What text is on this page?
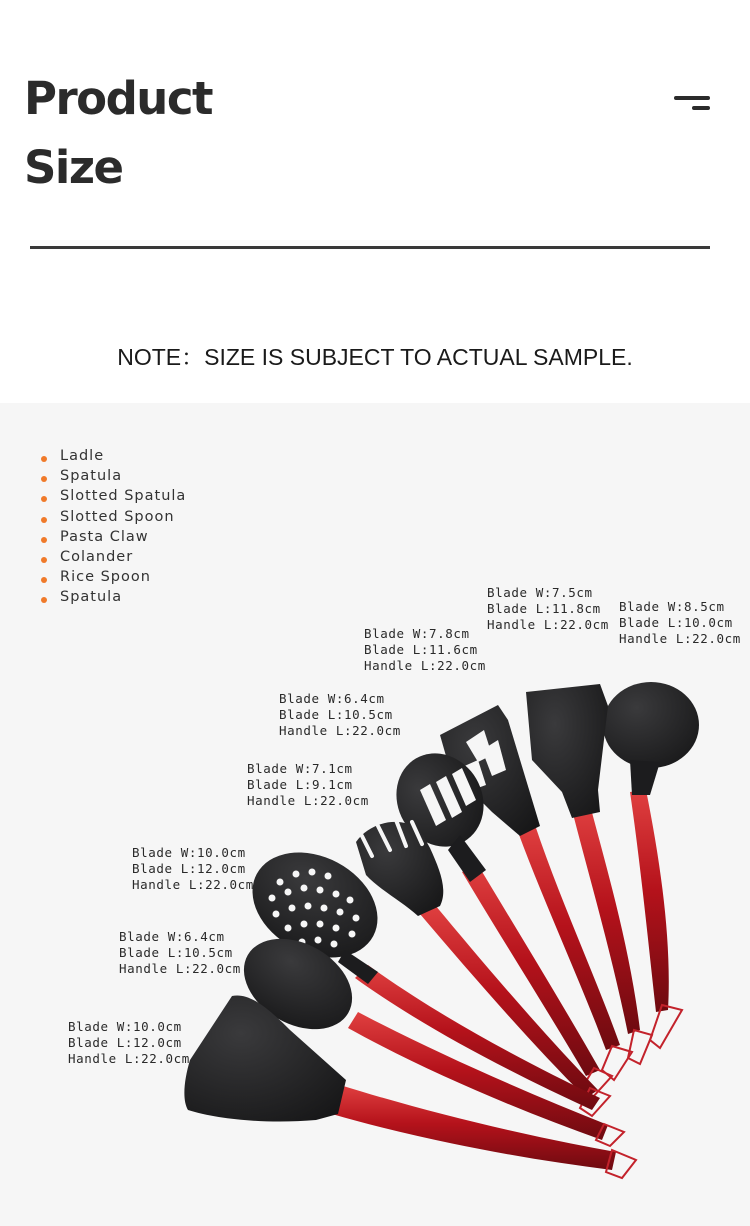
Product
Size
NOTE：SIZE IS SUBJECT TO ACTUAL SAMPLE.
Ladle
Spatula
Slotted Spatula
Slotted Spoon
Pasta Claw
Colander
Rice Spoon
Spatula
Blade W:8.5cm
Blade L:10.0cm
Handle L:22.0cm
Blade W:7.5cm
Blade L:11.8cm
Handle L:22.0cm
Blade W:7.8cm
Blade L:11.6cm
Handle L:22.0cm
Blade W:6.4cm
Blade L:10.5cm
Handle L:22.0cm
Blade W:7.1cm
Blade L:9.1cm
Handle L:22.0cm
Blade W:10.0cm
Blade L:12.0cm
Handle L:22.0cm
Blade W:6.4cm
Blade L:10.5cm
Handle L:22.0cm
Blade W:10.0cm
Blade L:12.0cm
Handle L:22.0cm
